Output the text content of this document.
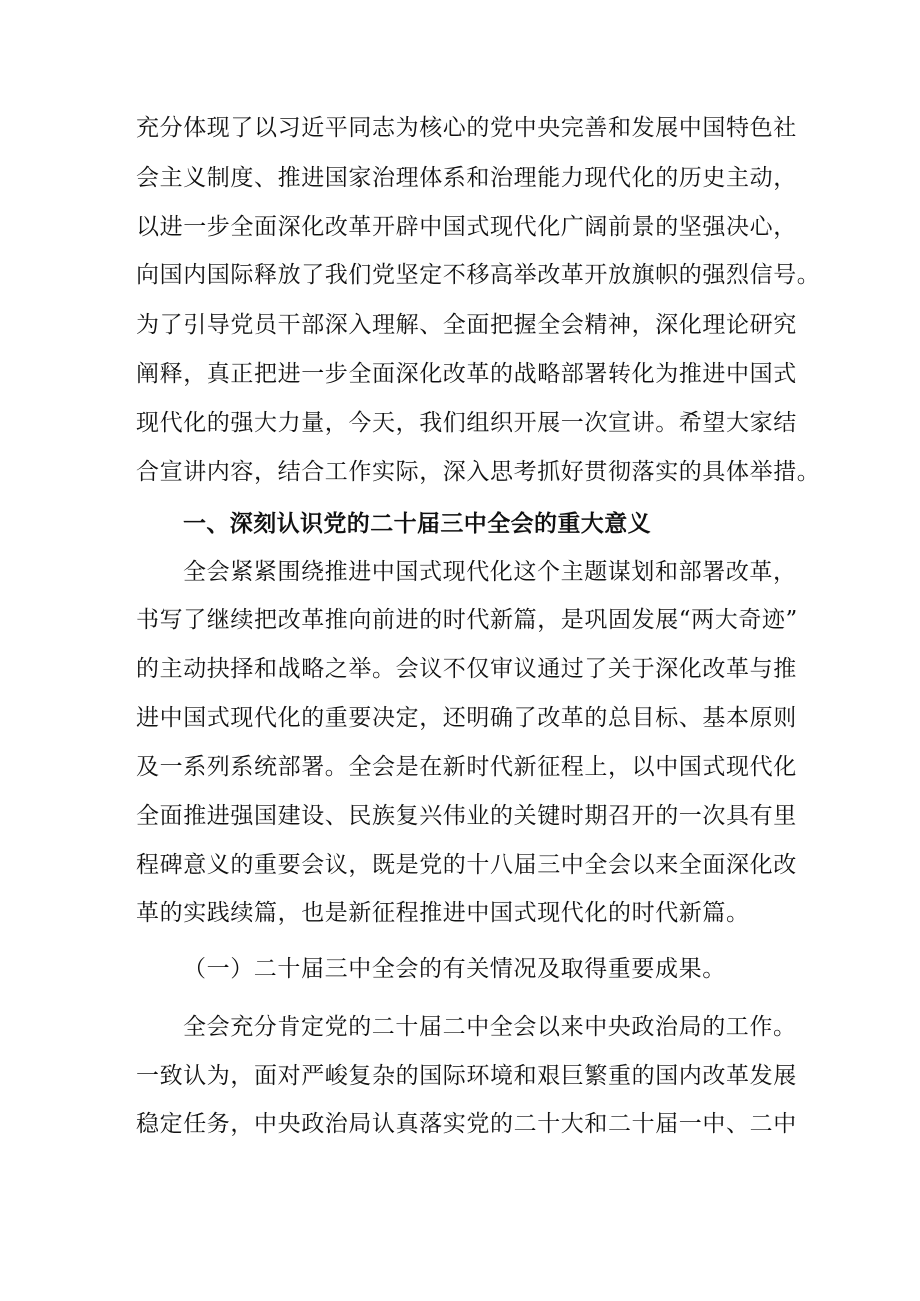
充分体现了以习近平同志为核心的党中央完善和发展中国特色社
会主义制度、推进国家治理体系和治理能力现代化的历史主动，
以进一步全面深化改革开辟中国式现代化广阔前景的坚强决心，
向国内国际释放了我们党坚定不移高举改革开放旗帜的强烈信号。
为了引导党员干部深入理解、全面把握全会精神，深化理论研究
阐释，真正把进一步全面深化改革的战略部署转化为推进中国式
现代化的强大力量，今天，我们组织开展一次宣讲。希望大家结
合宣讲内容，结合工作实际，深入思考抓好贯彻落实的具体举措。
一、深刻认识党的二十届三中全会的重大意义
全会紧紧围绕推进中国式现代化这个主题谋划和部署改革，
书写了继续把改革推向前进的时代新篇，是巩固发展“两大奇迹”
的主动抉择和战略之举。会议不仅审议通过了关于深化改革与推
进中国式现代化的重要决定，还明确了改革的总目标、基本原则
及一系列系统部署。全会是在新时代新征程上，以中国式现代化
全面推进强国建设、民族复兴伟业的关键时期召开的一次具有里
程碑意义的重要会议，既是党的十八届三中全会以来全面深化改
革的实践续篇，也是新征程推进中国式现代化的时代新篇。
（一）二十届三中全会的有关情况及取得重要成果。
全会充分肯定党的二十届二中全会以来中央政治局的工作。
一致认为，面对严峻复杂的国际环境和艰巨繁重的国内改革发展
稳定任务，中央政治局认真落实党的二十大和二十届一中、二中
